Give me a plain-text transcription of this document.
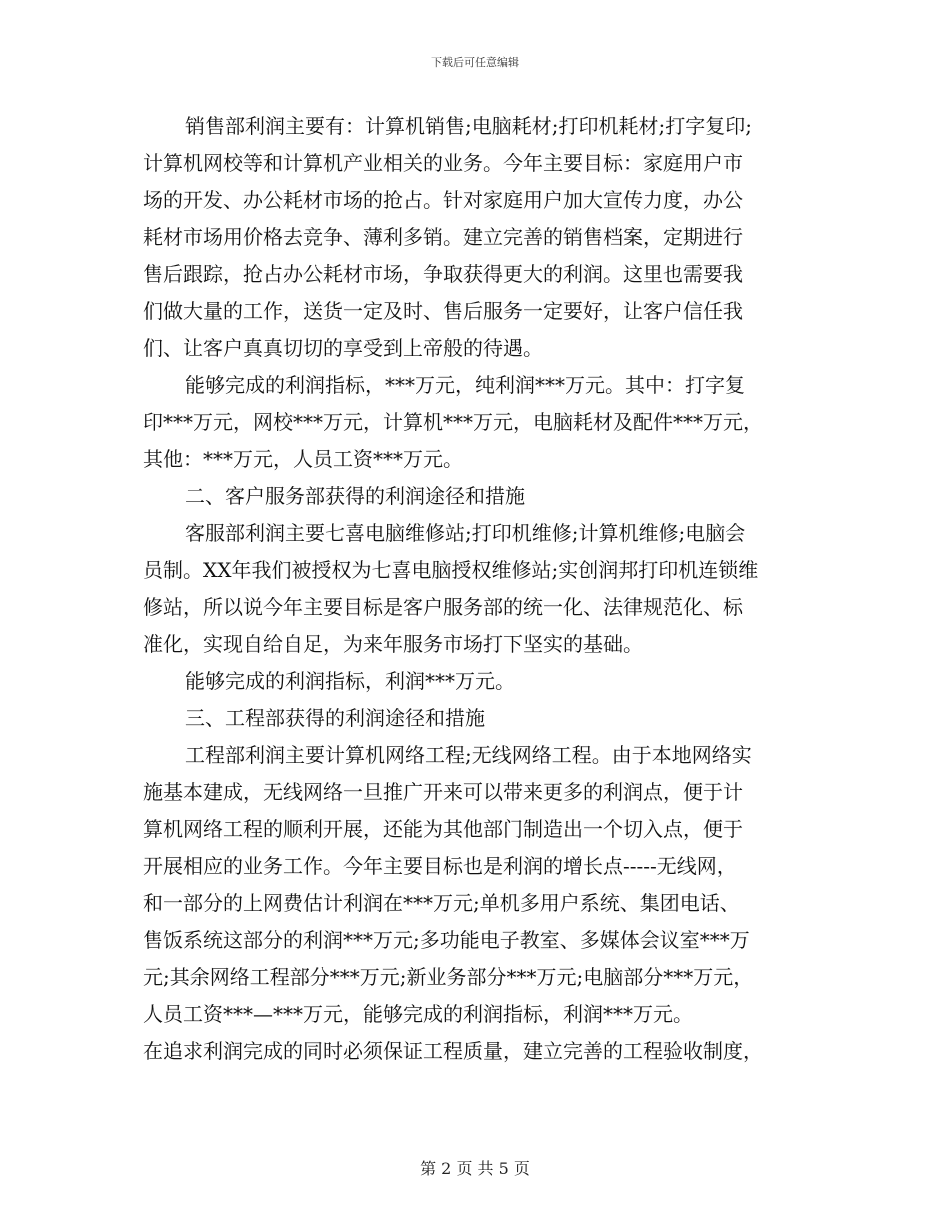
下载后可任意编辑
销售部利润主要有：计算机销售;电脑耗材;打印机耗材;打字复印;
计算机网校等和计算机产业相关的业务。今年主要目标：家庭用户市
场的开发、办公耗材市场的抢占。针对家庭用户加大宣传力度，办公
耗材市场用价格去竞争、薄利多销。建立完善的销售档案，定期进行
售后跟踪，抢占办公耗材市场，争取获得更大的利润。这里也需要我
们做大量的工作，送货一定及时、售后服务一定要好，让客户信任我
们、让客户真真切切的享受到上帝般的待遇。
能够完成的利润指标，***万元，纯利润***万元。其中：打字复
印***万元，网校***万元，计算机***万元，电脑耗材及配件***万元，
其他：***万元，人员工资***万元。
二、客户服务部获得的利润途径和措施
客服部利润主要七喜电脑维修站;打印机维修;计算机维修;电脑会
员制。XX年我们被授权为七喜电脑授权维修站;实创润邦打印机连锁维
修站，所以说今年主要目标是客户服务部的统一化、法律规范化、标
准化，实现自给自足，为来年服务市场打下坚实的基础。
能够完成的利润指标，利润***万元。
三、工程部获得的利润途径和措施
工程部利润主要计算机网络工程;无线网络工程。由于本地网络实
施基本建成，无线网络一旦推广开来可以带来更多的利润点，便于计
算机网络工程的顺利开展，还能为其他部门制造出一个切入点，便于
开展相应的业务工作。今年主要目标也是利润的增长点-----无线网，
和一部分的上网费估计利润在***万元;单机多用户系统、集团电话、
售饭系统这部分的利润***万元;多功能电子教室、多媒体会议室***万
元;其余网络工程部分***万元;新业务部分***万元;电脑部分***万元，
人员工资***—***万元，能够完成的利润指标，利润***万元。
在追求利润完成的同时必须保证工程质量，建立完善的工程验收制度，
第 2 页 共 5 页
